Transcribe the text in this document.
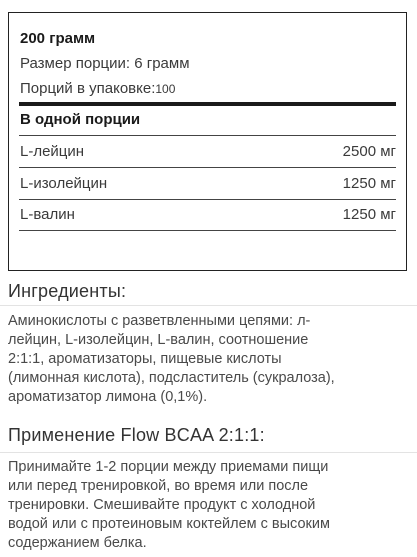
200 грамм
Размер порции: 6 грамм
Порций в упаковке:100
В одной порции
L-лейцин	2500 мг
L-изолейцин	1250 мг
L-валин	1250 мг
Ингредиенты:
Аминокислоты с разветвленными цепями: л-
лейцин, L-изолейцин, L-валин, соотношение
2:1:1, ароматизаторы, пищевые кислоты
(лимонная кислота), подсластитель (сукралоза),
ароматизатор лимона (0,1%).
Применение Flow BCAA 2:1:1:
Принимайте 1-2 порции между приемами пищи
или перед тренировкой, во время или после
тренировки. Смешивайте продукт с холодной
водой или с протеиновым коктейлем с высоким
содержанием белка.
